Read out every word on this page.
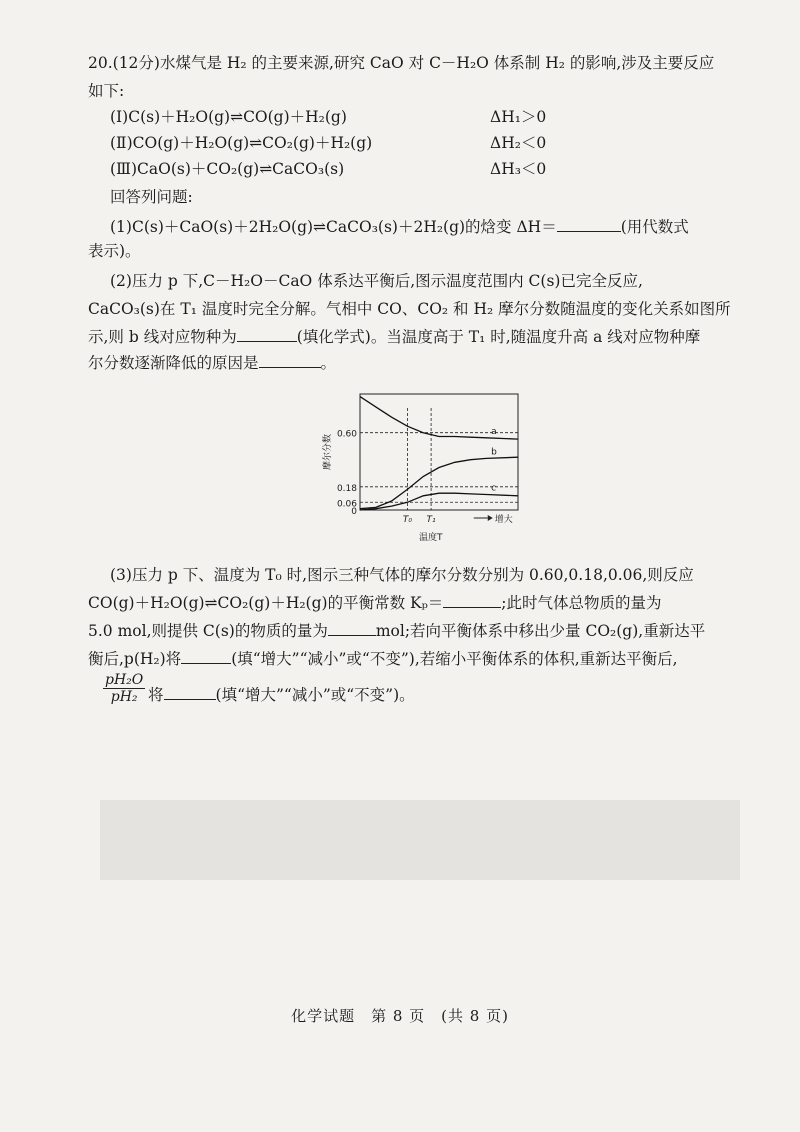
20.(12分)水煤气是 H₂ 的主要来源,研究 CaO 对 C－H₂O 体系制 H₂ 的影响,涉及主要反应
如下:
(Ⅰ)C(s)＋H₂O(g)⇌CO(g)＋H₂(g)	ΔH₁＞0
(Ⅱ)CO(g)＋H₂O(g)⇌CO₂(g)＋H₂(g)	ΔH₂＜0
(Ⅲ)CaO(s)＋CO₂(g)⇌CaCO₃(s)	ΔH₃＜0
回答列问题:
(1)C(s)＋CaO(s)＋2H₂O(g)⇌CaCO₃(s)＋2H₂(g)的焓变 ΔH＝	(用代数式
表示)。
(2)压力 p 下,C－H₂O－CaO 体系达平衡后,图示温度范围内 C(s)已完全反应,
CaCO₃(s)在 T₁ 温度时完全分解。气相中 CO、CO₂ 和 H₂ 摩尔分数随温度的变化关系如图所
示,则 b 线对应物种为	(填化学式)。当温度高于 T₁ 时,随温度升高 a 线对应物种摩
尔分数逐渐降低的原因是	。
0.60
0.18
0.06
0
T₀ T₁	增大
温度T
摩尔分数
a
b
c
(3)压力 p 下、温度为 T₀ 时,图示三种气体的摩尔分数分别为 0.60,0.18,0.06,则反应
CO(g)＋H₂O(g)⇌CO₂(g)＋H₂(g)的平衡常数 Kₚ＝	;此时气体总物质的量为
5.0 mol,则提供 C(s)的物质的量为	mol;若向平衡体系中移出少量 CO₂(g),重新达平
衡后,p(H₂)将	(填“增大”“减小”或“不变”),若缩小平衡体系的体积,重新达平衡后,
$\frac{\text{pH₂O}}{\text{pH₂}}$ 将	(填“增大”“减小”或“不变”)。
化学试题　第 8 页　(共 8 页)
